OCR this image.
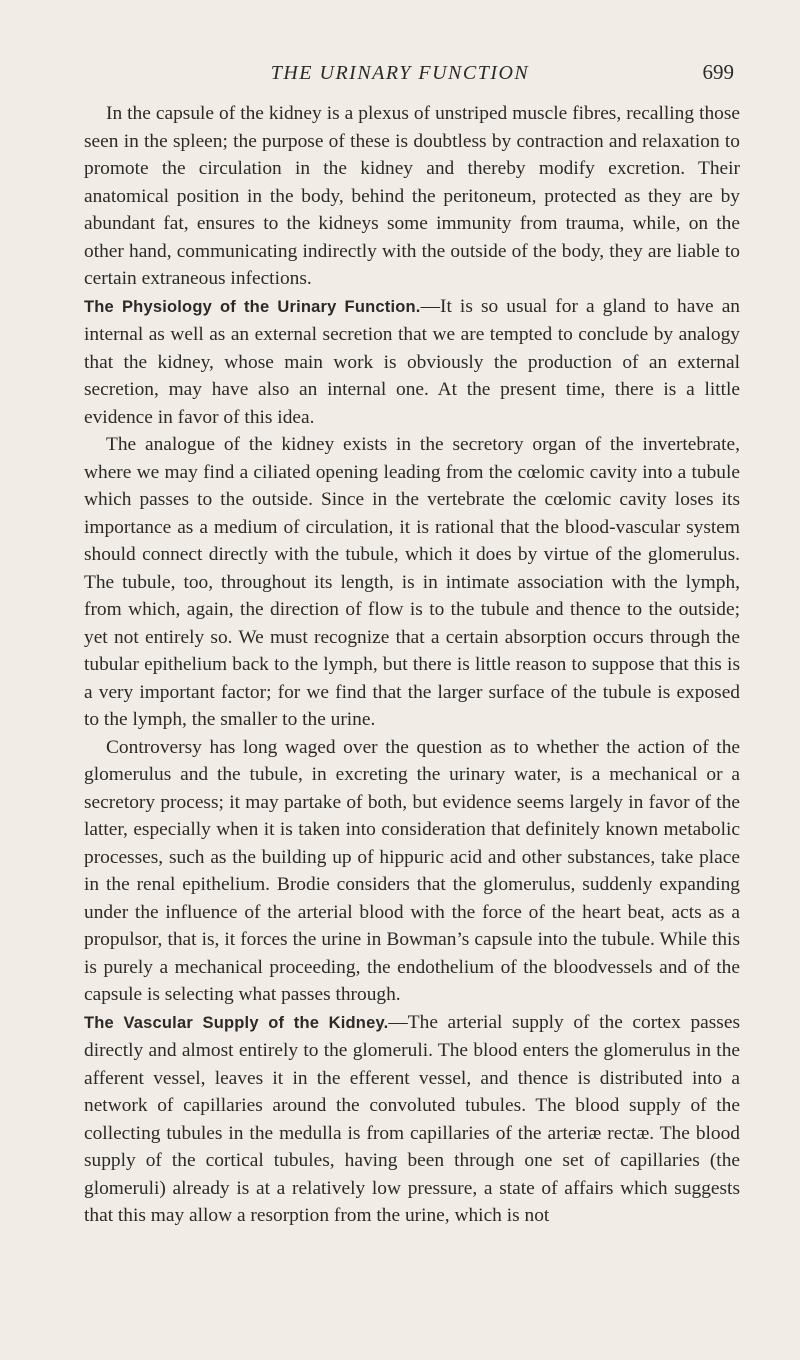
THE URINARY FUNCTION	699

In the capsule of the kidney is a plexus of unstriped muscle fibres, recalling those seen in the spleen; the purpose of these is doubtless by contraction and relaxation to promote the circulation in the kidney and thereby modify excretion. Their anatomical position in the body, behind the peritoneum, protected as they are by abundant fat, ensures to the kidneys some immunity from trauma, while, on the other hand, communicating indirectly with the outside of the body, they are liable to certain extraneous infections.

The Physiology of the Urinary Function.—It is so usual for a gland to have an internal as well as an external secretion that we are tempted to conclude by analogy that the kidney, whose main work is obviously the production of an external secretion, may have also an internal one. At the present time, there is a little evidence in favor of this idea.

The analogue of the kidney exists in the secretory organ of the invertebrate, where we may find a ciliated opening leading from the cœlomic cavity into a tubule which passes to the outside. Since in the vertebrate the cœlomic cavity loses its importance as a medium of circulation, it is rational that the blood-vascular system should connect directly with the tubule, which it does by virtue of the glomerulus. The tubule, too, throughout its length, is in intimate association with the lymph, from which, again, the direction of flow is to the tubule and thence to the outside; yet not entirely so. We must recognize that a certain absorption occurs through the tubular epithelium back to the lymph, but there is little reason to suppose that this is a very important factor; for we find that the larger surface of the tubule is exposed to the lymph, the smaller to the urine.

Controversy has long waged over the question as to whether the action of the glomerulus and the tubule, in excreting the urinary water, is a mechanical or a secretory process; it may partake of both, but evidence seems largely in favor of the latter, especially when it is taken into consideration that definitely known metabolic processes, such as the building up of hippuric acid and other substances, take place in the renal epithelium. Brodie considers that the glomerulus, suddenly expanding under the influence of the arterial blood with the force of the heart beat, acts as a propulsor, that is, it forces the urine in Bowman’s capsule into the tubule. While this is purely a mechanical proceeding, the endothelium of the bloodvessels and of the capsule is selecting what passes through.

The Vascular Supply of the Kidney.—The arterial supply of the cortex passes directly and almost entirely to the glomeruli. The blood enters the glomerulus in the afferent vessel, leaves it in the efferent vessel, and thence is distributed into a network of capillaries around the convoluted tubules. The blood supply of the collecting tubules in the medulla is from capillaries of the arteriæ rectæ. The blood supply of the cortical tubules, having been through one set of capillaries (the glomeruli) already is at a relatively low pressure, a state of affairs which suggests that this may allow a resorption from the urine, which is not
